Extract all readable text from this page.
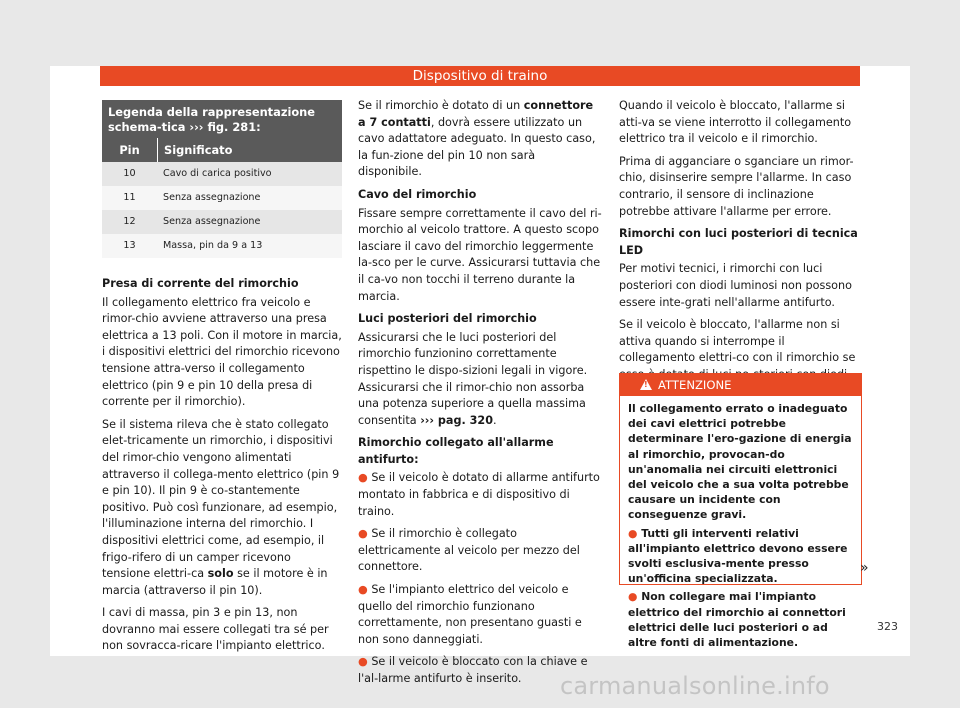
Dispositivo di traino
Legenda della rappresentazione schema-tica ››› fig. 281:
Pin	Significato
10	Cavo di carica positivo
11	Senza assegnazione
12	Senza assegnazione
13	Massa, pin da 9 a 13

Presa di corrente del rimorchio

Il collegamento elettrico fra veicolo e rimor-chio avviene attraverso una presa elettrica a 13 poli. Con il motore in marcia, i dispositivi elettrici del rimorchio ricevono tensione attra-verso il collegamento elettrico (pin 9 e pin 10 della presa di corrente per il rimorchio).

Se il sistema rileva che è stato collegato elet-tricamente un rimorchio, i dispositivi del rimor-chio vengono alimentati attraverso il collega-mento elettrico (pin 9 e pin 10). Il pin 9 è co-stantemente positivo. Può così funzionare, ad esempio, l'illuminazione interna del rimorchio. I dispositivi elettrici come, ad esempio, il frigo-rifero di un camper ricevono tensione elettri-ca solo se il motore è in marcia (attraverso il pin 10).

I cavi di massa, pin 3 e pin 13, non dovranno mai essere collegati tra sé per non sovracca-ricare l'impianto elettrico.

Se il rimorchio è dotato di un connettore a 7 contatti, dovrà essere utilizzato un cavo adattatore adeguato. In questo caso, la fun-zione del pin 10 non sarà disponibile.

Cavo del rimorchio

Fissare sempre correttamente il cavo del ri-morchio al veicolo trattore. A questo scopo lasciare il cavo del rimorchio leggermente la-sco per le curve. Assicurarsi tuttavia che il ca-vo non tocchi il terreno durante la marcia.

Luci posteriori del rimorchio

Assicurarsi che le luci posteriori del rimorchio funzionino correttamente rispettino le dispo-sizioni legali in vigore. Assicurarsi che il rimor-chio non assorba una potenza superiore a quella massima consentita ››› pag. 320.

Rimorchio collegato all'allarme antifurto:

● Se il veicolo è dotato di allarme antifurto montato in fabbrica e di dispositivo di traino.

● Se il rimorchio è collegato elettricamente al veicolo per mezzo del connettore.

● Se l'impianto elettrico del veicolo e quello del rimorchio funzionano correttamente, non presentano guasti e non sono danneggiati.

● Se il veicolo è bloccato con la chiave e l'al-larme antifurto è inserito.

Quando il veicolo è bloccato, l'allarme si atti-va se viene interrotto il collegamento elettrico tra il veicolo e il rimorchio.

Prima di agganciare o sganciare un rimor-chio, disinserire sempre l'allarme. In caso contrario, il sensore di inclinazione potrebbe attivare l'allarme per errore.

Rimorchi con luci posteriori di tecnica LED

Per motivi tecnici, i rimorchi con luci posteriori con diodi luminosi non possono essere inte-grati nell'allarme antifurto.

Se il veicolo è bloccato, l'allarme non si attiva quando si interrompe il collegamento elettri-co con il rimorchio se

!ATTENZIONE

Il collegamento errato o inadeguato dei cavi elettrici potrebbe determinare l'ero-gazione di energia al rimorchio, provocan-do un'anomalia nei circuiti elettronici del veicolo che a sua volta potrebbe causare un incidente con conseguenze gravi.

● Tutti gli interventi relativi all'impianto elettrico devono essere svolti esclusiva-mente presso un'officina specializzata.

● Non collegare mai l'impianto elettrico del rimorchio ai connettori elettrici delle luci posteriori o ad altre fonti di alimentazione.

»
323
carmanualsonline.info
